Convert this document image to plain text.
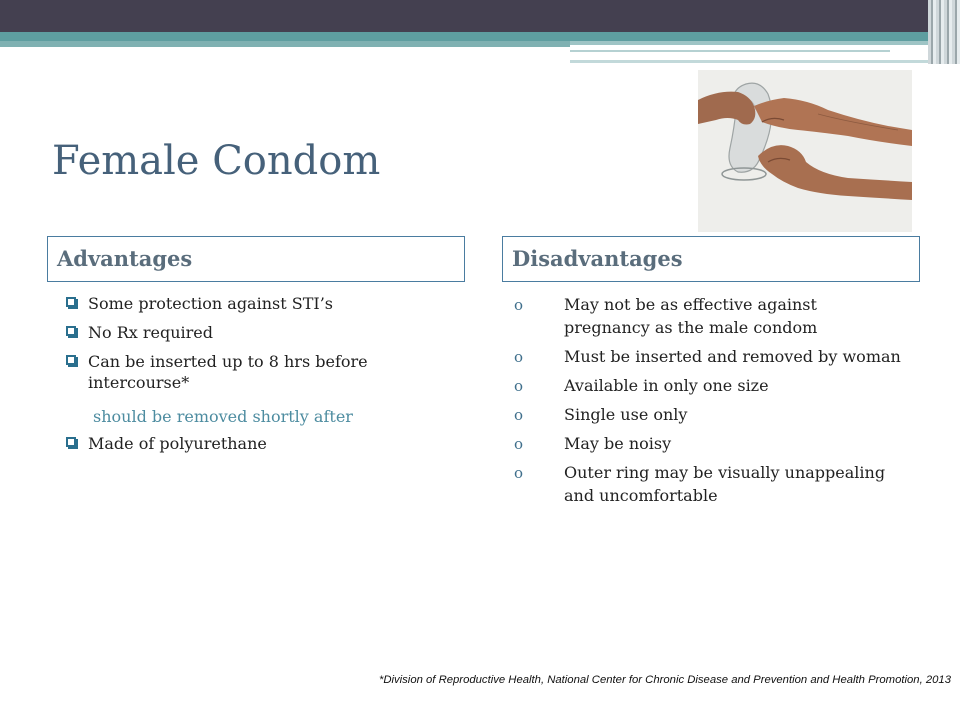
Female Condom
Advantages	Disadvantages
Some protection against STI’s
No Rx required
Can be inserted up to 8 hrs before intercourse*
Made of polyurethane
should be removed shortly after
o	May not be as effective against pregnancy as the male condom
o	Must be inserted and removed by woman
o	Available in only one size
o	Single use only
o	May be noisy
o	Outer ring may be visually unappealing and uncomfortable
*Division of Reproductive Health, National Center for Chronic Disease and Prevention and Health Promotion, 2013
